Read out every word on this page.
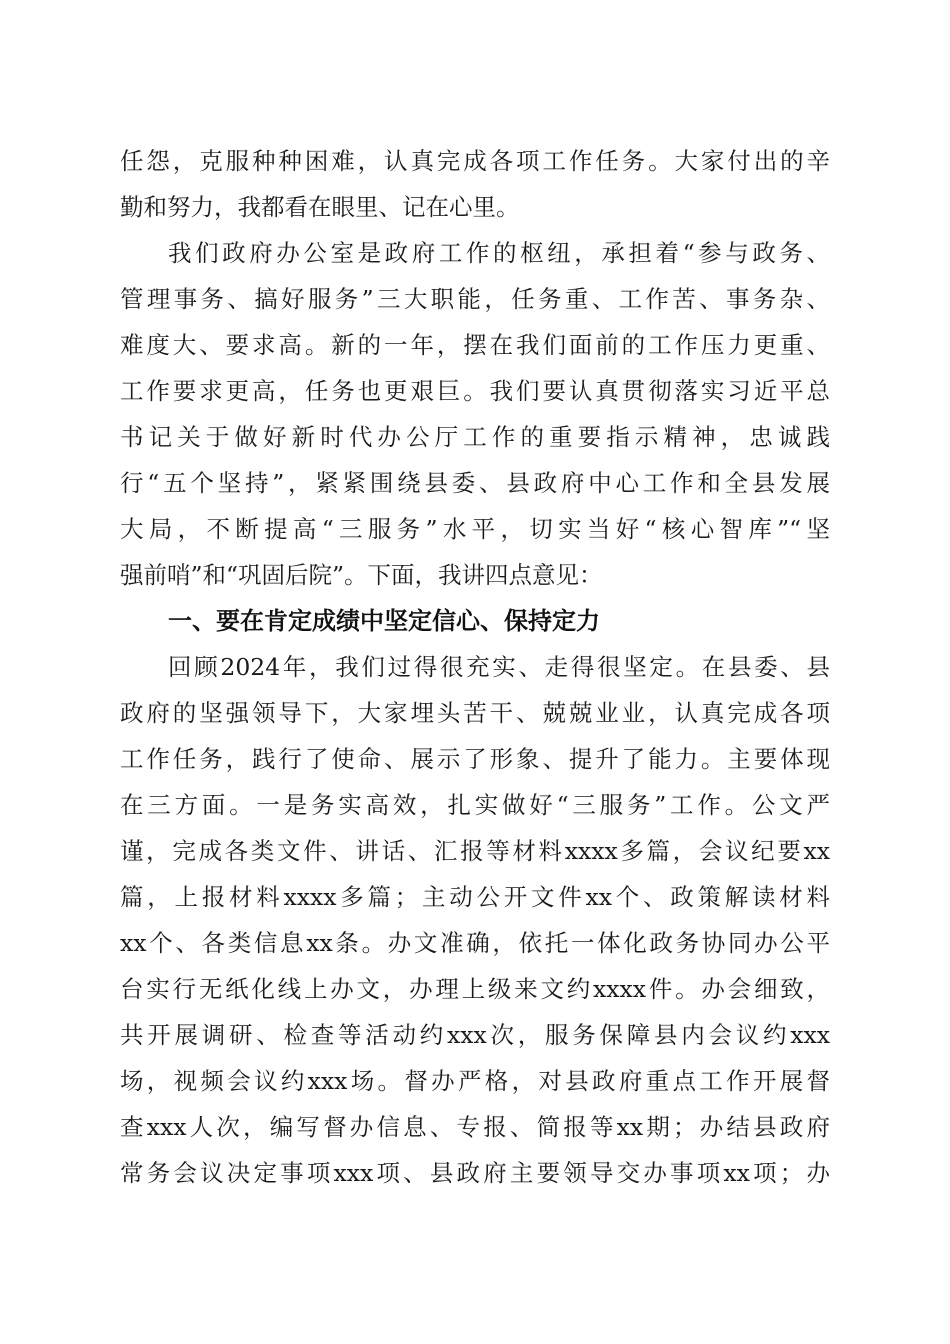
任怨，克服种种困难，认真完成各项工作任务。大家付出的辛
勤和努力，我都看在眼里、记在心里。
我们政府办公室是政府工作的枢纽，承担着“参与政务、
管理事务、搞好服务”三大职能，任务重、工作苦、事务杂、
难度大、要求高。新的一年，摆在我们面前的工作压力更重、
工作要求更高，任务也更艰巨。我们要认真贯彻落实习近平总
书记关于做好新时代办公厅工作的重要指示精神，忠诚践
行“五个坚持”，紧紧围绕县委、县政府中心工作和全县发展
大局，不断提高“三服务”水平，切实当好“核心智库”“坚
强前哨”和“巩固后院”。下面，我讲四点意见：
一、要在肯定成绩中坚定信心、保持定力
回顾2024年，我们过得很充实、走得很坚定。在县委、县
政府的坚强领导下，大家埋头苦干、兢兢业业，认真完成各项
工作任务，践行了使命、展示了形象、提升了能力。主要体现
在三方面。一是务实高效，扎实做好“三服务”工作。公文严
谨，完成各类文件、讲话、汇报等材料xxxx多篇，会议纪要xx
篇，上报材料xxxx多篇；主动公开文件xx个、政策解读材料
xx个、各类信息xx条。办文准确，依托一体化政务协同办公平
台实行无纸化线上办文，办理上级来文约xxxx件。办会细致，
共开展调研、检查等活动约xxx次，服务保障县内会议约xxx
场，视频会议约xxx场。督办严格，对县政府重点工作开展督
查xxx人次，编写督办信息、专报、简报等xx期；办结县政府
常务会议决定事项xxx项、县政府主要领导交办事项xx项；办
